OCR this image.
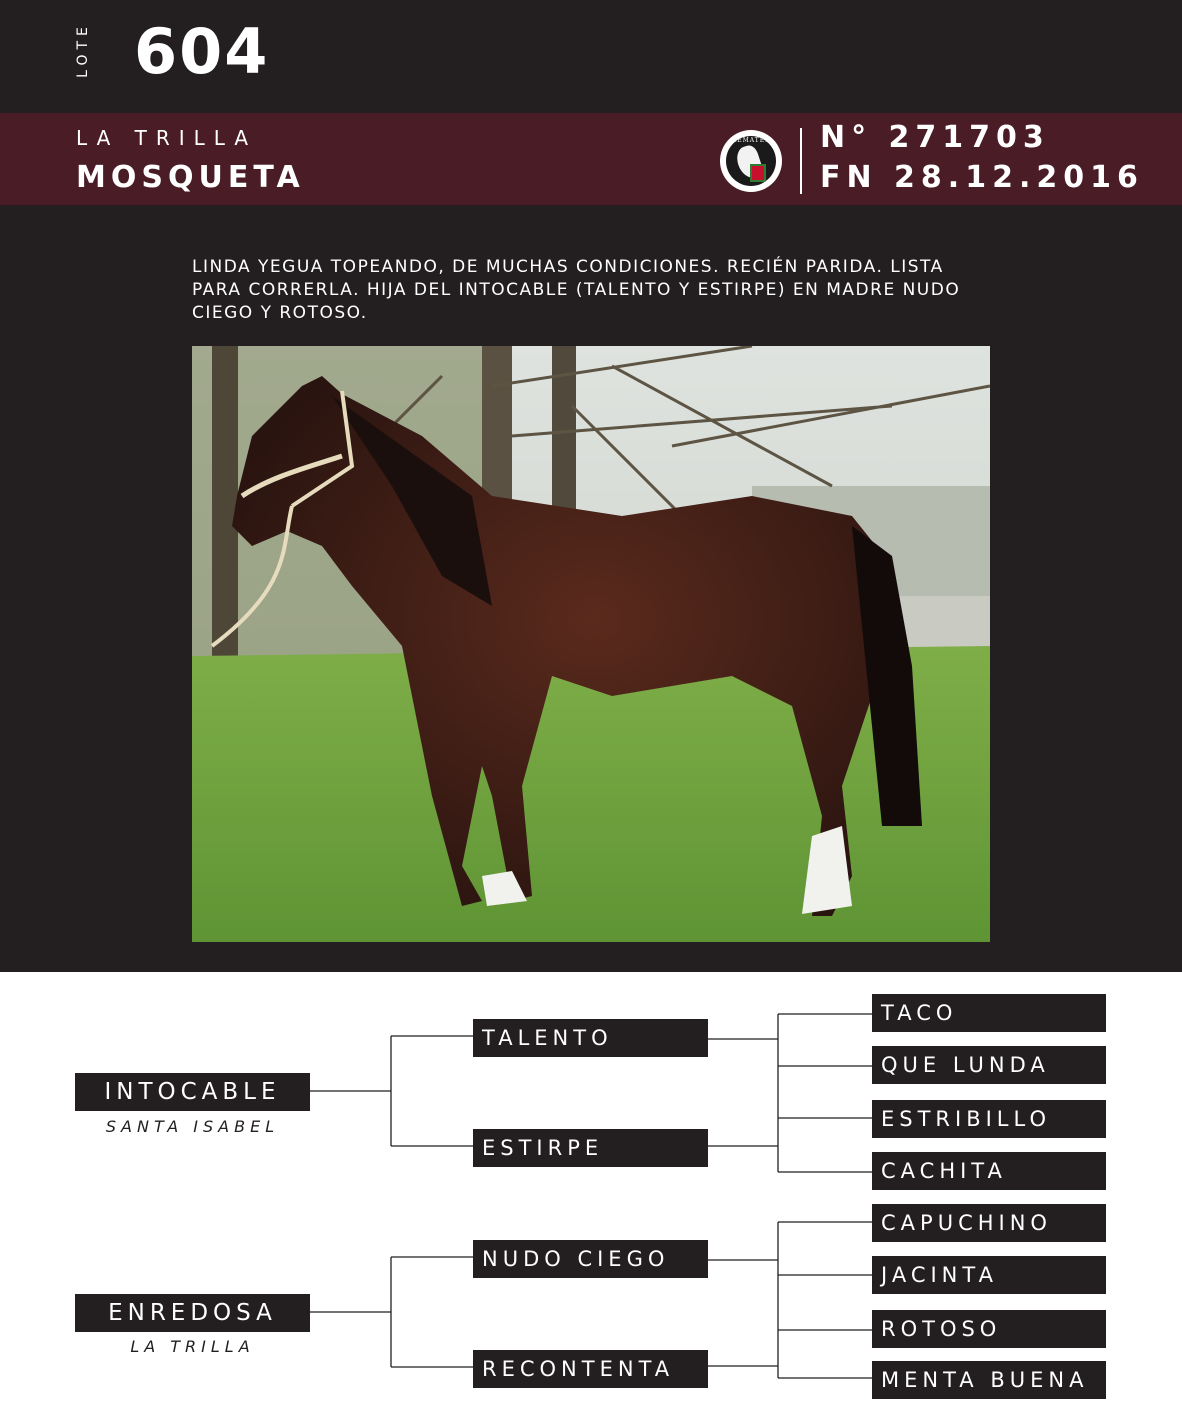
LOTE 604
LA TRILLA
MOSQUETA
REMATES N° 271703
FN 28.12.2016
LINDA YEGUA TOPEANDO, DE MUCHAS CONDICIONES. RECIÉN PARIDA. LISTA PARA CORRERLA. HIJA DEL INTOCABLE (TALENTO Y ESTIRPE) EN MADRE NUDO CIEGO Y ROTOSO.
INTOCABLE
SANTA ISABEL
ENREDOSA
LA TRILLA
TALENTO
ESTIRPE
NUDO CIEGO
RECONTENTA
TACO
QUE LUNDA
ESTRIBILLO
CACHITA
CAPUCHINO
JACINTA
ROTOSO
MENTA BUENA
